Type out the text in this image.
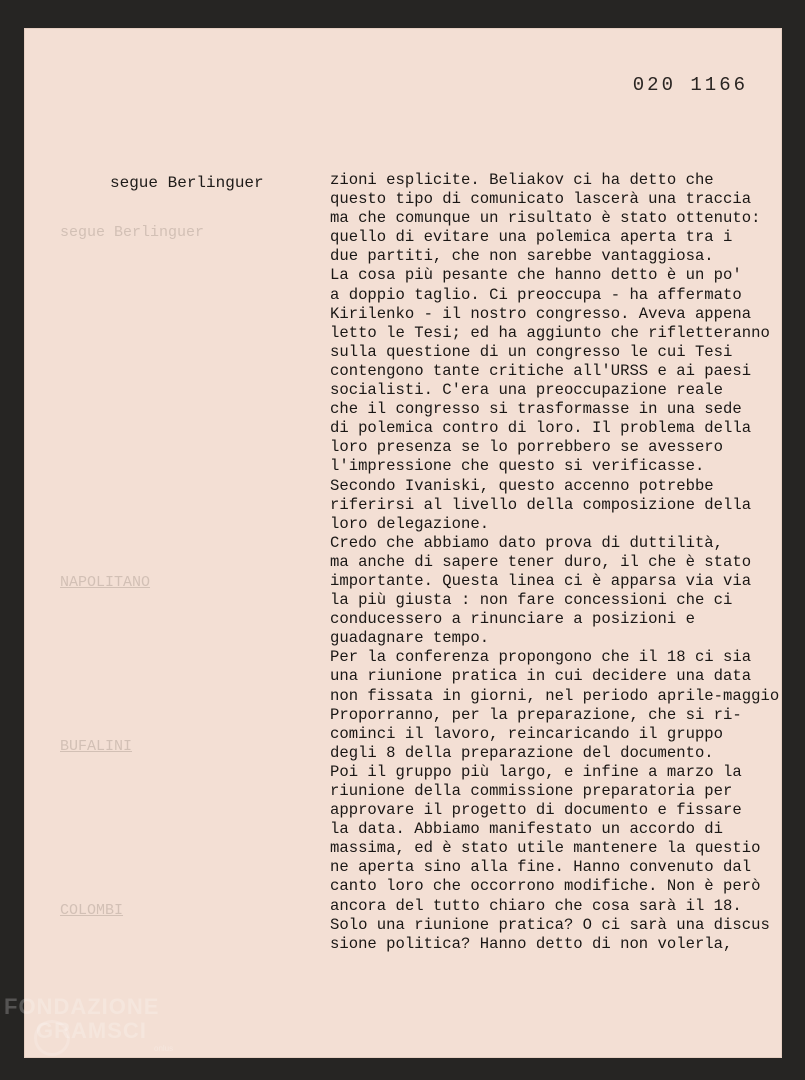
segue Berlinguer
NAPOLITANO
BUFALINI
COLOMBI
020 1166
segue Berlinguer	zioni esplicite. Beliakov ci ha detto che
questo tipo di comunicato lascerà una traccia
ma che comunque un risultato è stato ottenuto:
quello di evitare una polemica aperta tra i
due partiti, che non sarebbe vantaggiosa.
La cosa più pesante che hanno detto è un po'
a doppio taglio. Ci preoccupa - ha affermato
Kirilenko - il nostro congresso. Aveva appena
letto le Tesi; ed ha aggiunto che rifletteranno
sulla questione di un congresso le cui Tesi
contengono tante critiche all'URSS e ai paesi
socialisti. C'era una preoccupazione reale
che il congresso si trasformasse in una sede
di polemica contro di loro. Il problema della
loro presenza se lo porrebbero se avessero
l'impressione che questo si verificasse.
Secondo Ivaniski, questo accenno potrebbe
riferirsi al livello della composizione della
loro delegazione.
Credo che abbiamo dato prova di duttilità,
ma anche di sapere tener duro, il che è stato
importante. Questa linea ci è apparsa via via
la più giusta : non fare concessioni che ci
conducessero a rinunciare a posizioni e
guadagnare tempo.
Per la conferenza propongono che il 18 ci sia
una riunione pratica in cui decidere una data
non fissata in giorni, nel periodo aprile-maggio
Proporranno, per la preparazione, che si ri-
cominci il lavoro, reincaricando il gruppo
degli 8 della preparazione del documento.
Poi il gruppo più largo, e infine a marzo la
riunione della commissione preparatoria per
approvare il progetto di documento e fissare
la data. Abbiamo manifestato un accordo di
massima, ed è stato utile mantenere la questio
ne aperta sino alla fine. Hanno convenuto dal
canto loro che occorrono modifiche. Non è però
ancora del tutto chiaro che cosa sarà il 18.
Solo una riunione pratica? O ci sarà una discus
sione politica? Hanno detto di non volerla,
FONDAZIONE
GRAMSCI
onlus
